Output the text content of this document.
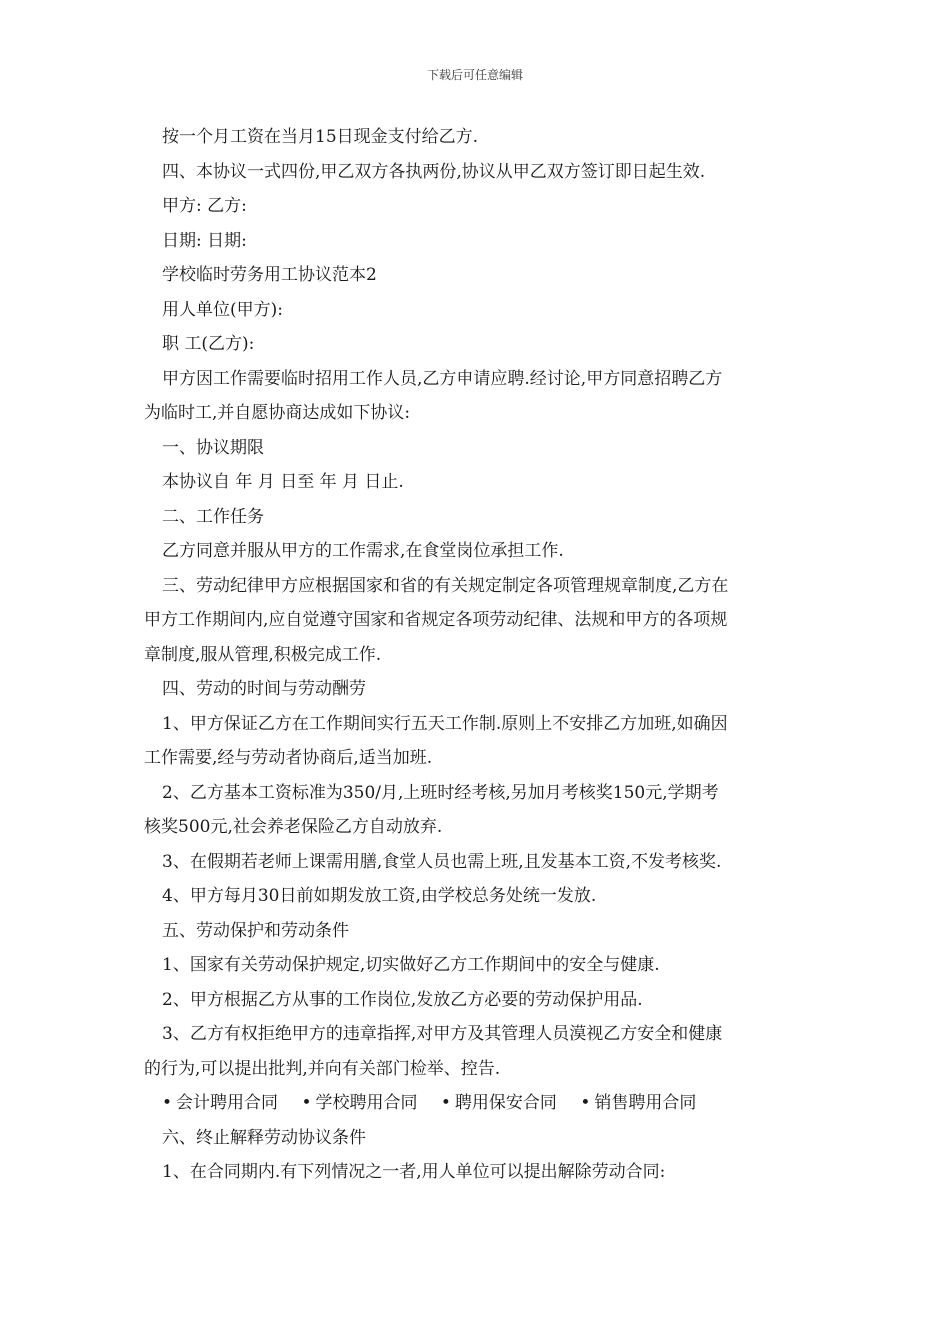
下载后可任意编辑
按一个月工资在当月15日现金支付给乙方.
四、本协议一式四份,甲乙双方各执两份,协议从甲乙双方签订即日起生效.
甲方: 乙方:
日期: 日期:
学校临时劳务用工协议范本2
用人单位(甲方):
职 工(乙方):
甲方因工作需要临时招用工作人员,乙方申请应聘.经讨论,甲方同意招聘乙方
为临时工,并自愿协商达成如下协议:
一、协议期限
本协议自 年 月 日至 年 月 日止.
二、工作任务
乙方同意并服从甲方的工作需求,在食堂岗位承担工作.
三、劳动纪律甲方应根据国家和省的有关规定制定各项管理规章制度,乙方在
甲方工作期间内,应自觉遵守国家和省规定各项劳动纪律、法规和甲方的各项规
章制度,服从管理,积极完成工作.
四、劳动的时间与劳动酬劳
1、甲方保证乙方在工作期间实行五天工作制.原则上不安排乙方加班,如确因
工作需要,经与劳动者协商后,适当加班.
2、乙方基本工资标准为350/月,上班时经考核,另加月考核奖150元,学期考
核奖500元,社会养老保险乙方自动放弃.
3、在假期若老师上课需用膳,食堂人员也需上班,且发基本工资,不发考核奖.
4、甲方每月30日前如期发放工资,由学校总务处统一发放.
五、劳动保护和劳动条件
1、国家有关劳动保护规定,切实做好乙方工作期间中的安全与健康.
2、甲方根据乙方从事的工作岗位,发放乙方必要的劳动保护用品.
3、乙方有权拒绝甲方的违章指挥,对甲方及其管理人员漠视乙方安全和健康
的行为,可以提出批判,并向有关部门检举、控告.
• 会计聘用合同 • 学校聘用合同 • 聘用保安合同 • 销售聘用合同
六、终止解释劳动协议条件
1、在合同期内.有下列情况之一者,用人单位可以提出解除劳动合同:
